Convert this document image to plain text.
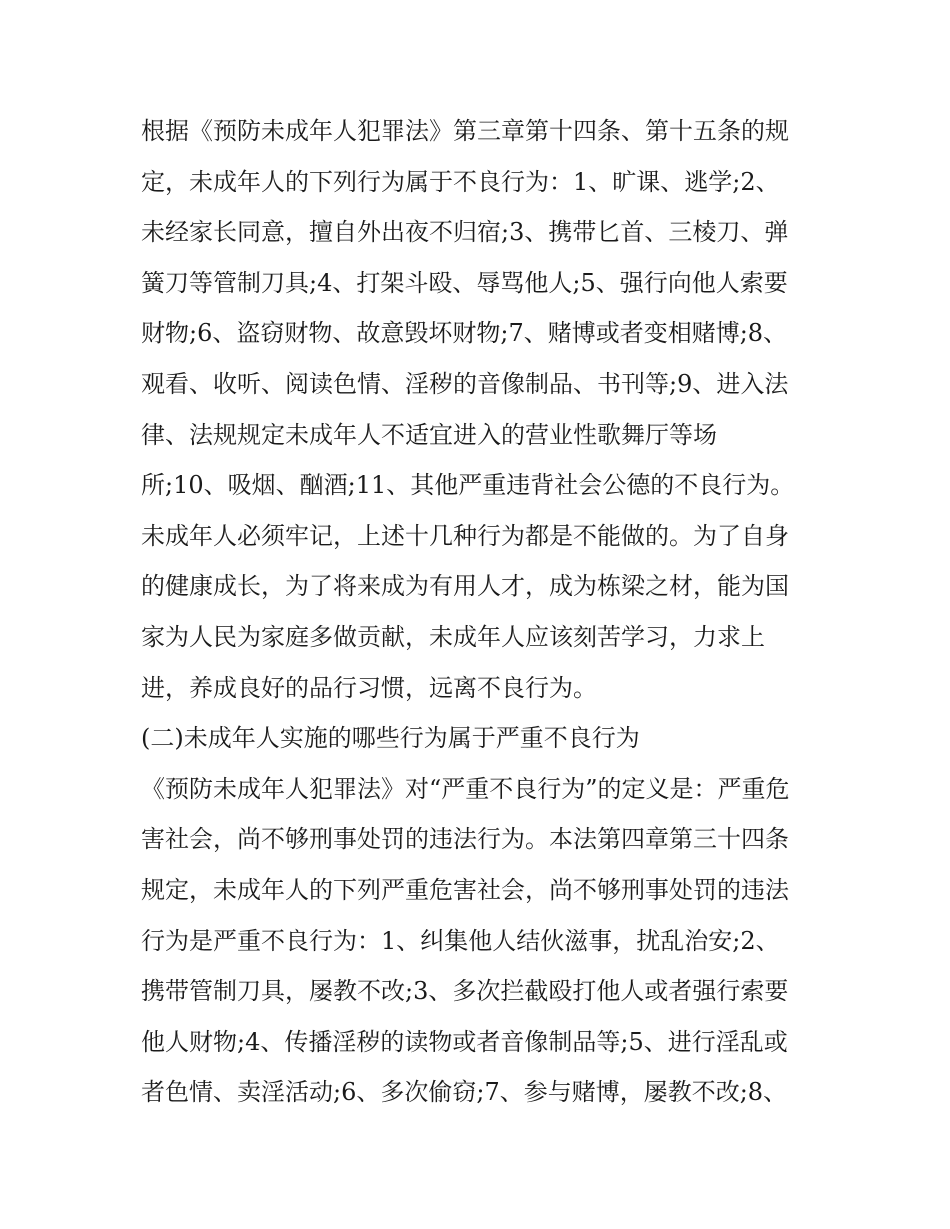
根据《预防未成年人犯罪法》第三章第十四条、第十五条的规
定，未成年人的下列行为属于不良行为：1、旷课、逃学;2、
未经家长同意，擅自外出夜不归宿;3、携带匕首、三棱刀、弹
簧刀等管制刀具;4、打架斗殴、辱骂他人;5、强行向他人索要
财物;6、盗窃财物、故意毁坏财物;7、赌博或者变相赌博;8、
观看、收听、阅读色情、淫秽的音像制品、书刊等;9、进入法
律、法规规定未成年人不适宜进入的营业性歌舞厅等场
所;10、吸烟、酗酒;11、其他严重违背社会公德的不良行为。
未成年人必须牢记，上述十几种行为都是不能做的。为了自身
的健康成长，为了将来成为有用人才，成为栋梁之材，能为国
家为人民为家庭多做贡献，未成年人应该刻苦学习，力求上
进，养成良好的品行习惯，远离不良行为。
(二)未成年人实施的哪些行为属于严重不良行为
《预防未成年人犯罪法》对“严重不良行为”的定义是：严重危
害社会，尚不够刑事处罚的违法行为。本法第四章第三十四条
规定，未成年人的下列严重危害社会，尚不够刑事处罚的违法
行为是严重不良行为：1、纠集他人结伙滋事，扰乱治安;2、
携带管制刀具，屡教不改;3、多次拦截殴打他人或者强行索要
他人财物;4、传播淫秽的读物或者音像制品等;5、进行淫乱或
者色情、卖淫活动;6、多次偷窃;7、参与赌博，屡教不改;8、
